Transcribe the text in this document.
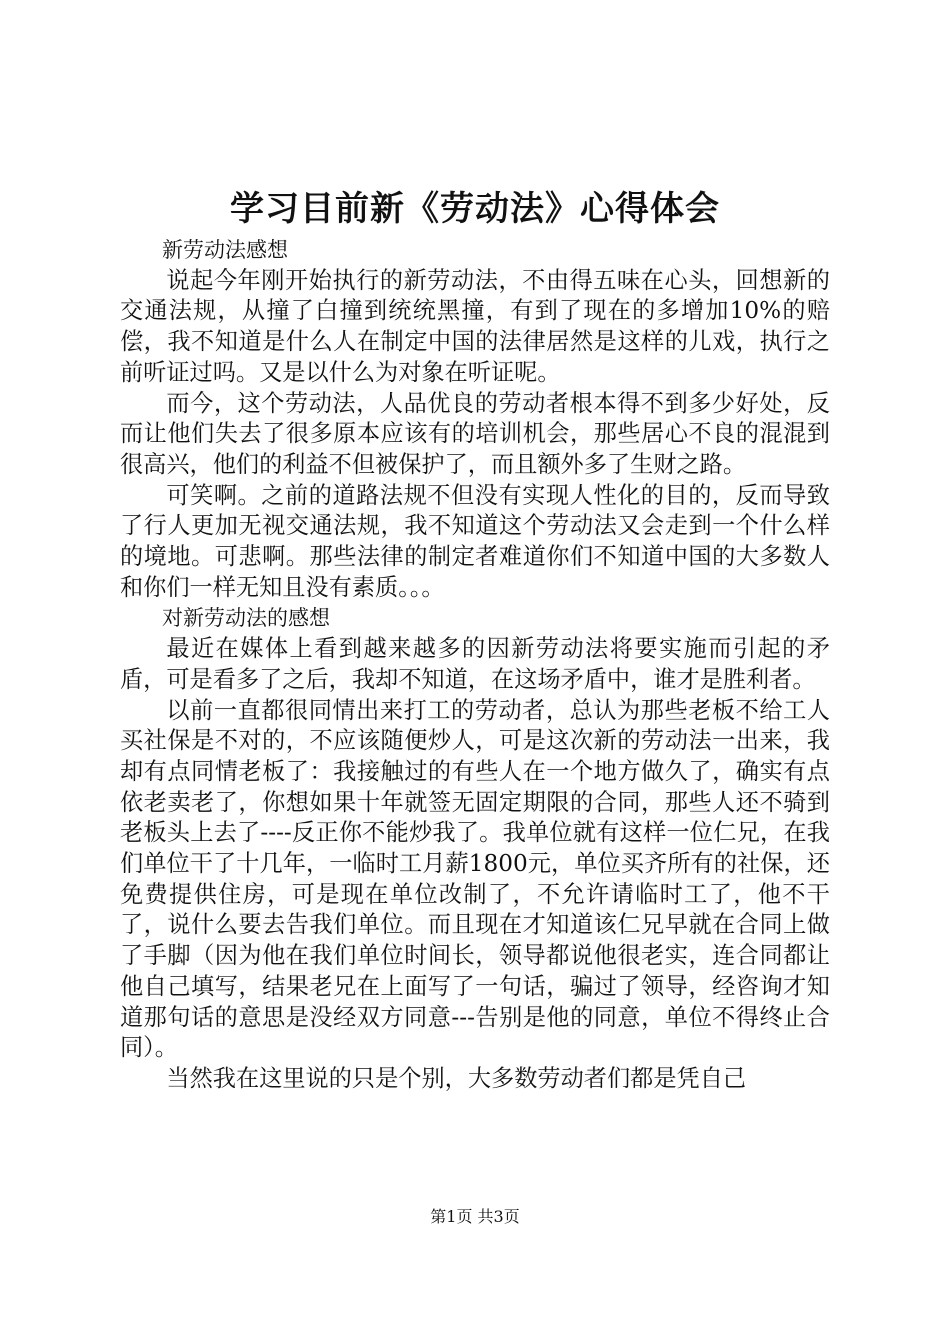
学习目前新《劳动法》心得体会

新劳动法感想

说起今年刚开始执行的新劳动法，不由得五味在心头，回想新的交通法规，从撞了白撞到统统黑撞，有到了现在的多增加10%的赔偿，我不知道是什么人在制定中国的法律居然是这样的儿戏，执行之前听证过吗。又是以什么为对象在听证呢。

而今，这个劳动法，人品优良的劳动者根本得不到多少好处，反而让他们失去了很多原本应该有的培训机会，那些居心不良的混混到很高兴，他们的利益不但被保护了，而且额外多了生财之路。

可笑啊。之前的道路法规不但没有实现人性化的目的，反而导致了行人更加无视交通法规，我不知道这个劳动法又会走到一个什么样的境地。可悲啊。那些法律的制定者难道你们不知道中国的大多数人和你们一样无知且没有素质。。。

对新劳动法的感想

最近在媒体上看到越来越多的因新劳动法将要实施而引起的矛盾，可是看多了之后，我却不知道，在这场矛盾中，谁才是胜利者。

以前一直都很同情出来打工的劳动者，总认为那些老板不给工人买社保是不对的，不应该随便炒人，可是这次新的劳动法一出来，我却有点同情老板了：我接触过的有些人在一个地方做久了，确实有点依老卖老了，你想如果十年就签无固定期限的合同，那些人还不骑到老板头上去了----反正你不能炒我了。我单位就有这样一位仁兄，在我们单位干了十几年，一临时工月薪1800元，单位买齐所有的社保，还免费提供住房，可是现在单位改制了，不允许请临时工了，他不干了，说什么要去告我们单位。而且现在才知道该仁兄早就在合同上做了手脚（因为他在我们单位时间长，领导都说他很老实，连合同都让他自己填写，结果老兄在上面写了一句话，骗过了领导，经咨询才知道那句话的意思是没经双方同意---告别是他的同意，单位不得终止合同）。

当然我在这里说的只是个别，大多数劳动者们都是凭自己

第1页 共3页
